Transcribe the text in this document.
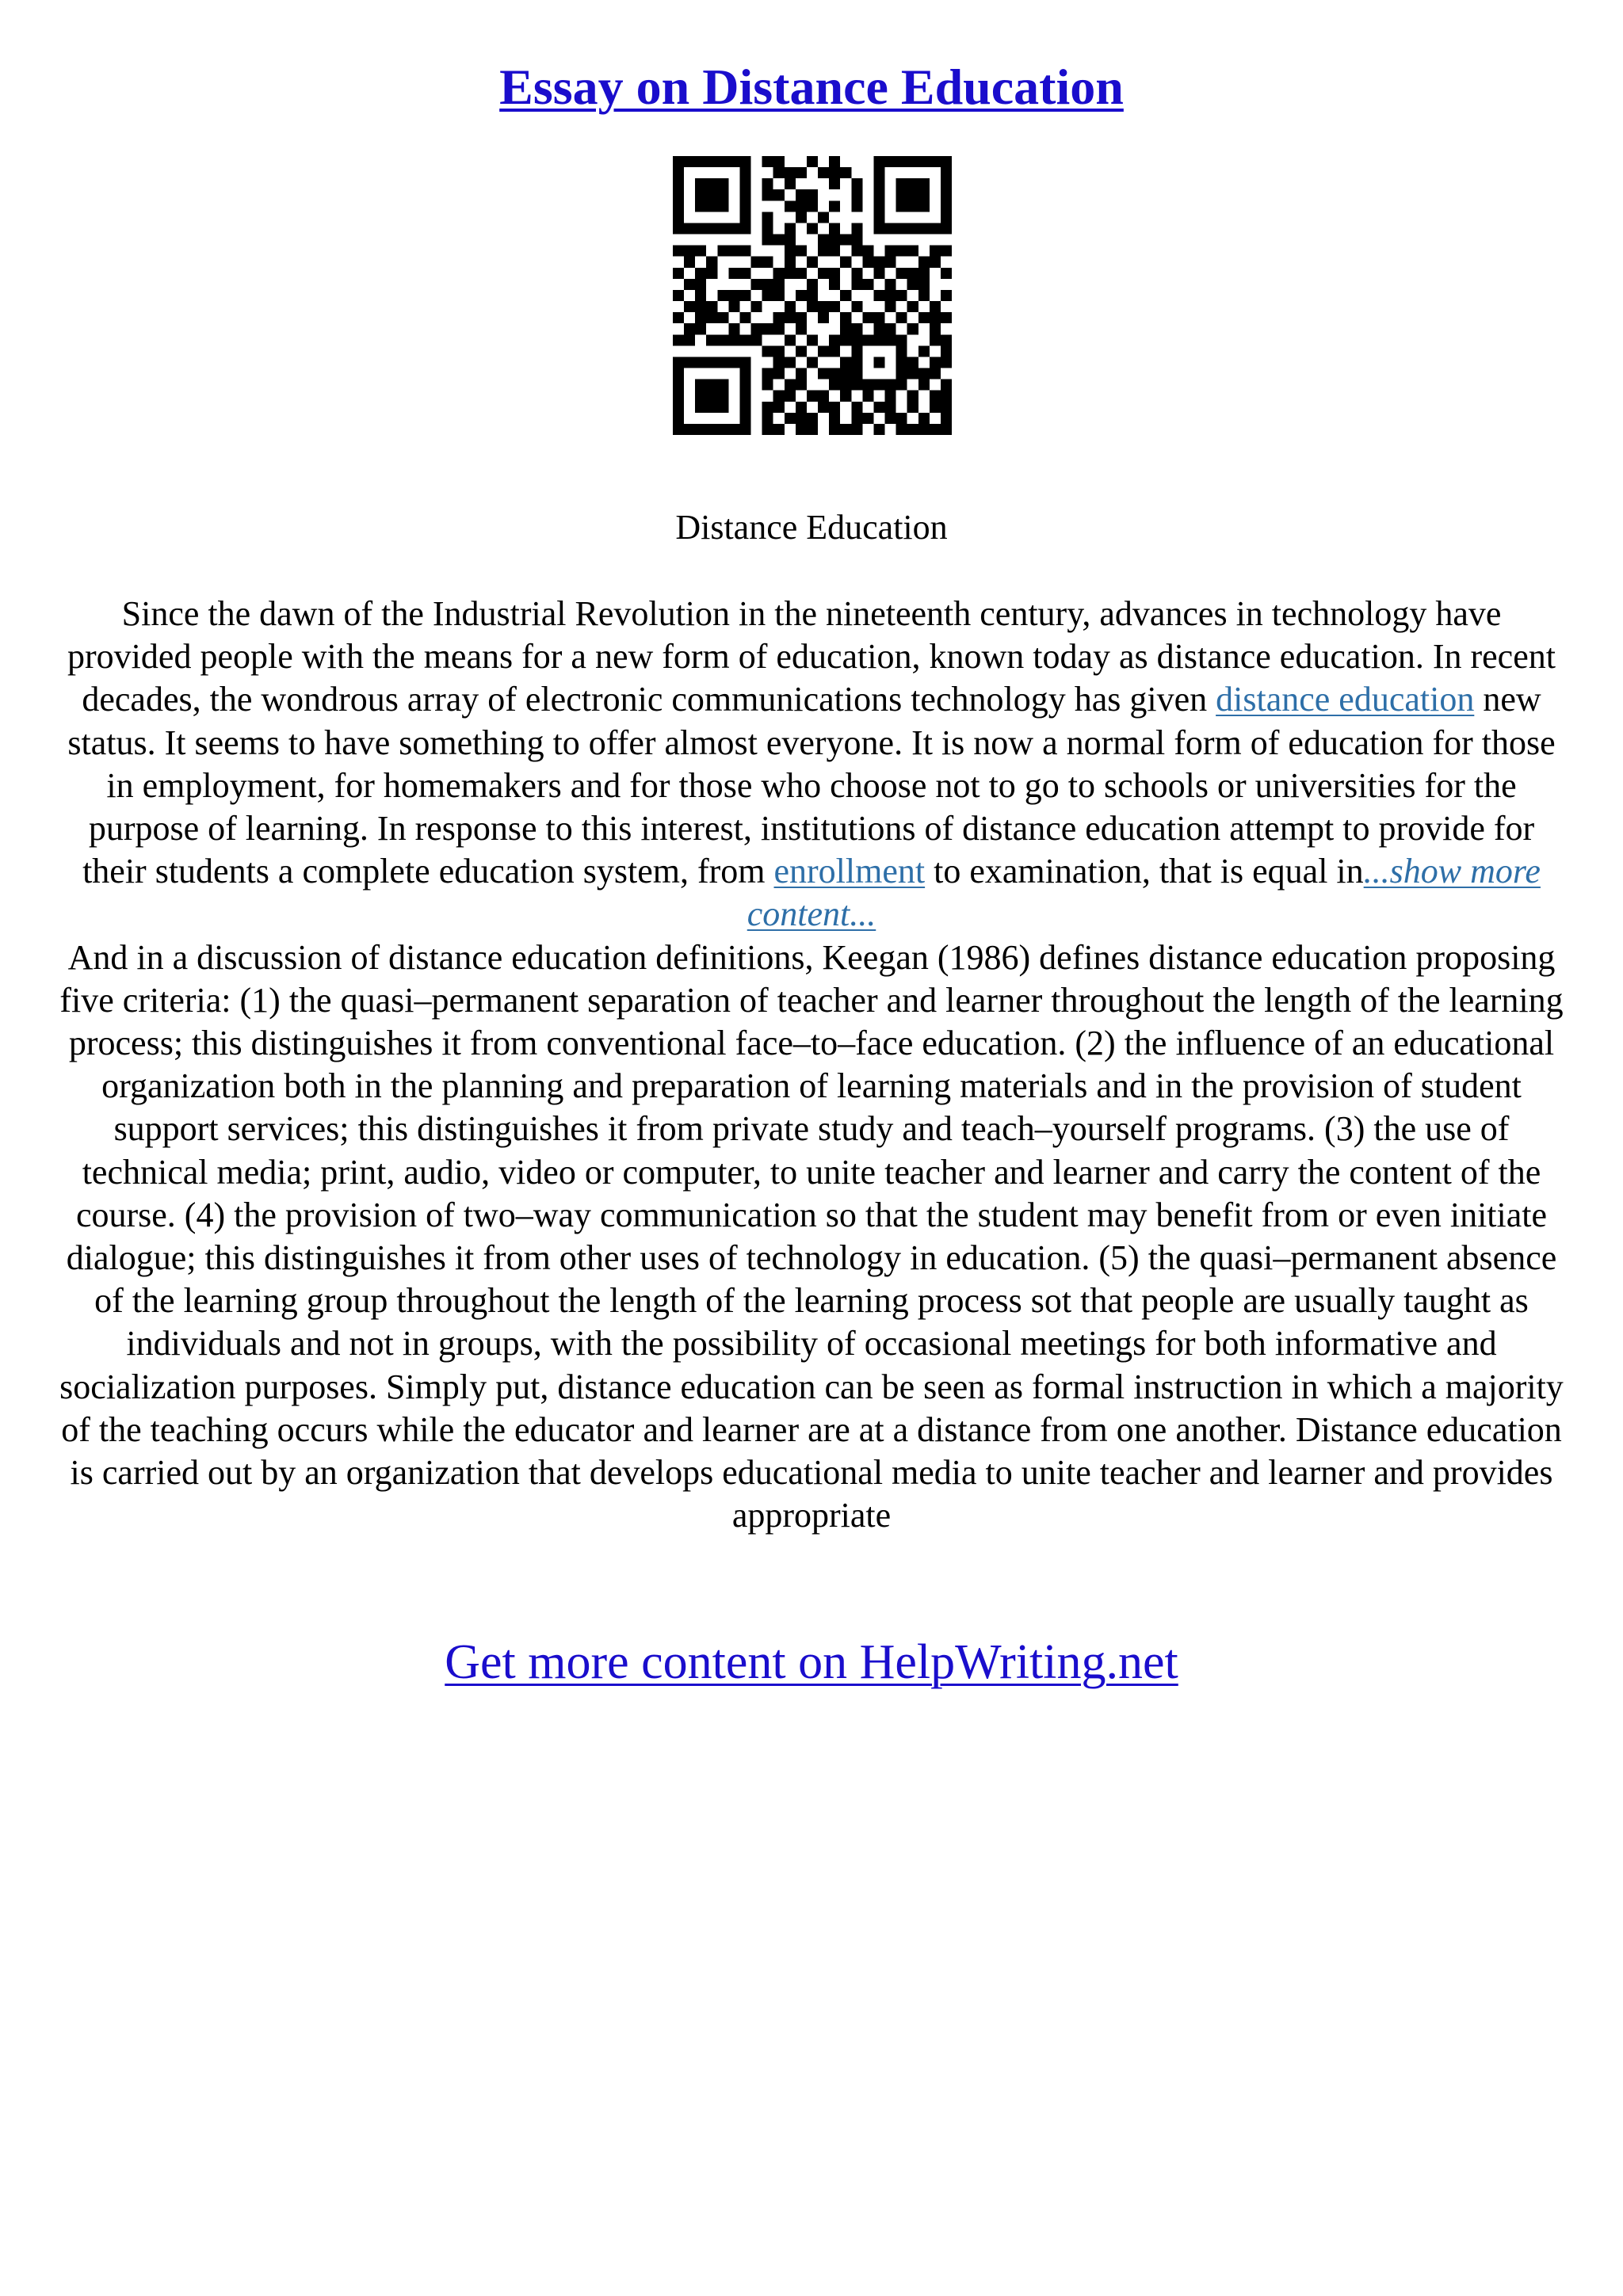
Essay on Distance Education
Distance Education

Since the dawn of the Industrial Revolution in the nineteenth century, advances in technology have provided people with the means for a new form of education, known today as distance education. In recent decades, the wondrous array of electronic communications technology has given distance education new status. It seems to have something to offer almost everyone. It is now a normal form of education for those in employment, for homemakers and for those who choose not to go to schools or universities for the purpose of learning. In response to this interest, institutions of distance education attempt to provide for their students a complete education system, from enrollment to examination, that is equal in...show more content...

And in a discussion of distance education definitions, Keegan (1986) defines distance education proposing five criteria: (1) the quasi–permanent separation of teacher and learner throughout the length of the learning process; this distinguishes it from conventional face–to–face education. (2) the influence of an educational organization both in the planning and preparation of learning materials and in the provision of student support services; this distinguishes it from private study and teach–yourself programs. (3) the use of technical media; print, audio, video or computer, to unite teacher and learner and carry the content of the course. (4) the provision of two–way communication so that the student may benefit from or even initiate dialogue; this distinguishes it from other uses of technology in education. (5) the quasi–permanent absence of the learning group throughout the length of the learning process sot that people are usually taught as individuals and not in groups, with the possibility of occasional meetings for both informative and socialization purposes. Simply put, distance education can be seen as formal instruction in which a majority of the teaching occurs while the educator and learner are at a distance from one another. Distance education is carried out by an organization that develops educational media to unite teacher and learner and provides appropriate

Get more content on HelpWriting.net
